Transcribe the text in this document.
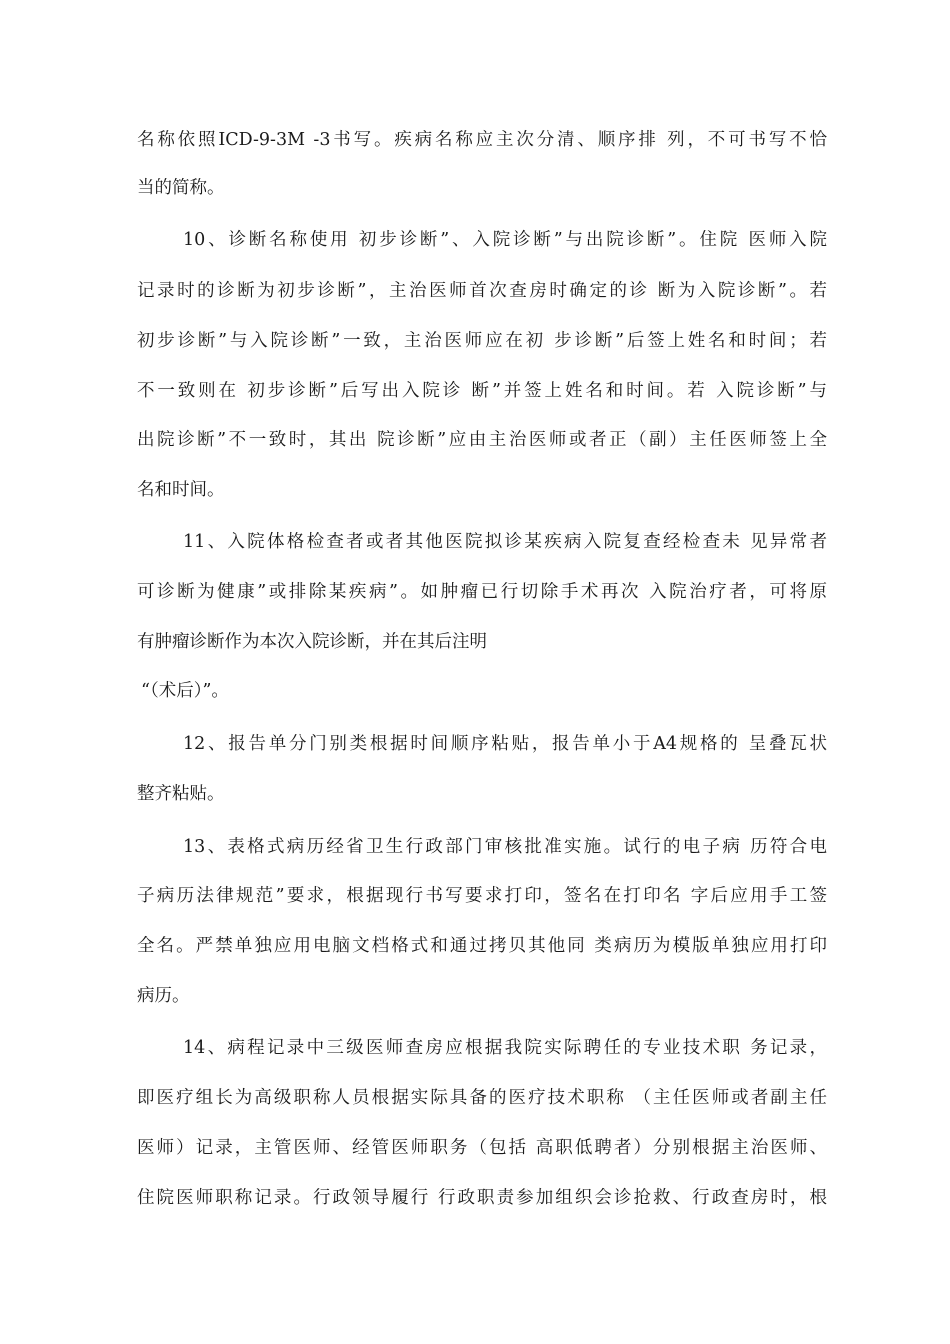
名称依照ICD-9-3M -3书写。疾病名称应主次分清、顺序排 列，不可书写不恰
当的简称。
10、诊断名称使用 初步诊断”、入院诊断”与出院诊断”。住院 医师入院
记录时的诊断为初步诊断”，主治医师首次查房时确定的诊 断为入院诊断”。若
初步诊断”与入院诊断”一致，主治医师应在初 步诊断”后签上姓名和时间；若
不一致则在 初步诊断”后写出入院诊 断”并签上姓名和时间。若 入院诊断”与
出院诊断”不一致时，其出 院诊断”应由主治医师或者正（副）主任医师签上全
名和时间。
11、入院体格检查者或者其他医院拟诊某疾病入院复查经检查未 见异常者
可诊断为健康”或排除某疾病”。如肿瘤已行切除手术再次 入院治疗者，可将原
有肿瘤诊断作为本次入院诊断，并在其后注明
“（术后）”。
12、报告单分门别类根据时间顺序粘贴，报告单小于A4规格的 呈叠瓦状
整齐粘贴。
13、表格式病历经省卫生行政部门审核批准实施。试行的电子病 历符合电
子病历法律规范”要求，根据现行书写要求打印，签名在打印名 字后应用手工签
全名。严禁单独应用电脑文档格式和通过拷贝其他同 类病历为模版单独应用打印
病历。
14、病程记录中三级医师查房应根据我院实际聘任的专业技术职 务记录，
即医疗组长为高级职称人员根据实际具备的医疗技术职称 （主任医师或者副主任
医师）记录，主管医师、经管医师职务（包括 高职低聘者）分别根据主治医师、
住院医师职称记录。行政领导履行 行政职责参加组织会诊抢救、行政查房时，根
